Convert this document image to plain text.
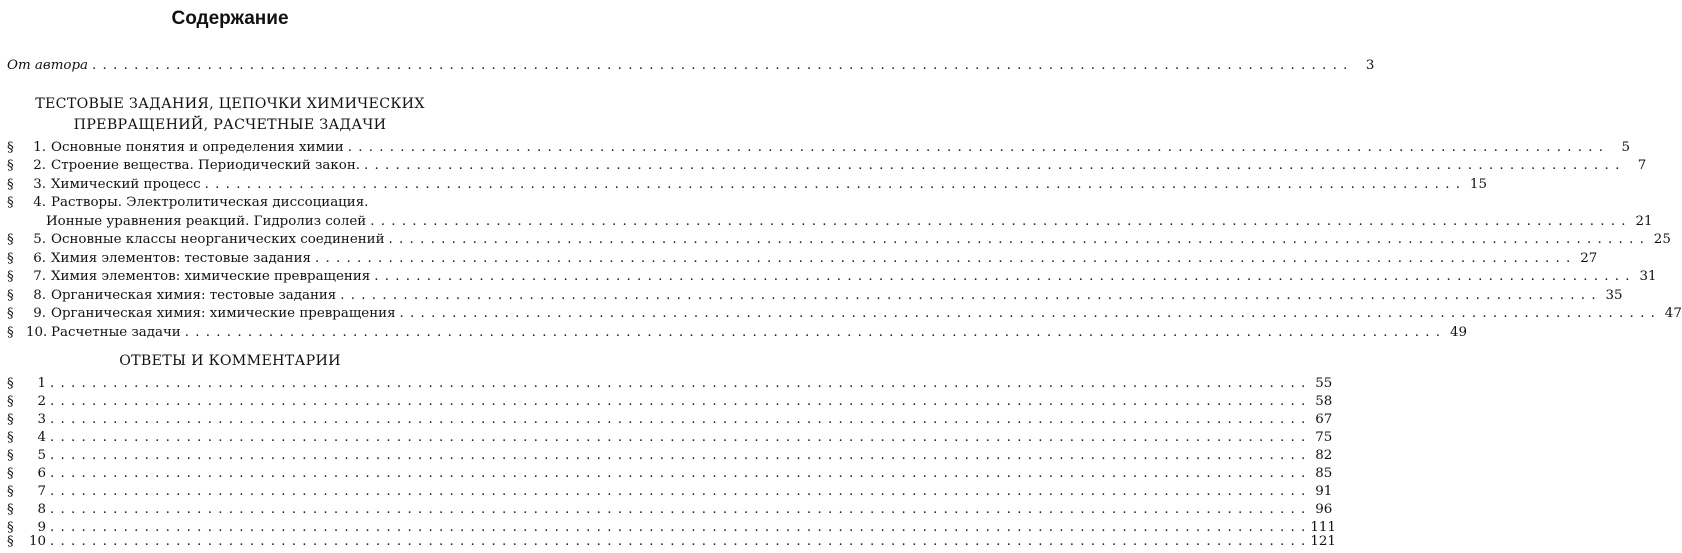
Содержание
От автора . . . . . . . . . . . . . . . . . . . . . . . . . . . . . . . . . . . . . . . . . . . . . . . . . . . . . . . . . . . . . . . . . . . . . . . . . . . . . . . . . . . . . . . . . . . . . . . . . . . . . . . . . . . . . . . . . . . . . . . .	3
ТЕСТОВЫЕ ЗАДАНИЯ, ЦЕПОЧКИ ХИМИЧЕСКИХ
ПРЕВРАЩЕНИЙ, РАСЧЕТНЫЕ ЗАДАЧИ
§	1. Основные понятия и определения химии . . . . . . . . . . . . . . . . . . . . . . . . . . . . . . . . . . . . . . . . . . . . . . . . . . . . . . . . . . . . . . . . . . . . . . . . . . . . . . . . . . . . . . . . . . . . . . . . . . . . . . . . . . . . . . . . . . . . . . . .	5
§	2. Строение вещества. Периодический закон. . . . . . . . . . . . . . . . . . . . . . . . . . . . . . . . . . . . . . . . . . . . . . . . . . . . . . . . . . . . . . . . . . . . . . . . . . . . . . . . . . . . . . . . . . . . . . . . . . . . . . . . . . . . . . . . . . . . . . . . .	7
§	3. Химический процесс . . . . . . . . . . . . . . . . . . . . . . . . . . . . . . . . . . . . . . . . . . . . . . . . . . . . . . . . . . . . . . . . . . . . . . . . . . . . . . . . . . . . . . . . . . . . . . . . . . . . . . . . . . . . . . . . . . . . . . . . 15
§	4. Растворы. Электролитическая диссоциация.
Ионные уравнения реакций. Гидролиз солей . . . . . . . . . . . . . . . . . . . . . . . . . . . . . . . . . . . . . . . . . . . . . . . . . . . . . . . . . . . . . . . . . . . . . . . . . . . . . . . . . . . . . . . . . . . . . . . . . . . . . . . . . . . . . . . . . . . . . . . . 21
§	5. Основные классы неорганических соединений . . . . . . . . . . . . . . . . . . . . . . . . . . . . . . . . . . . . . . . . . . . . . . . . . . . . . . . . . . . . . . . . . . . . . . . . . . . . . . . . . . . . . . . . . . . . . . . . . . . . . . . . . . . . . . . . . . . . . . . . 25
§	6. Химия элементов: тестовые задания . . . . . . . . . . . . . . . . . . . . . . . . . . . . . . . . . . . . . . . . . . . . . . . . . . . . . . . . . . . . . . . . . . . . . . . . . . . . . . . . . . . . . . . . . . . . . . . . . . . . . . . . . . . . . . . . . . . . . . . . 27
§	7. Химия элементов: химические превращения . . . . . . . . . . . . . . . . . . . . . . . . . . . . . . . . . . . . . . . . . . . . . . . . . . . . . . . . . . . . . . . . . . . . . . . . . . . . . . . . . . . . . . . . . . . . . . . . . . . . . . . . . . . . . . . . . . . . . . . . 31
§	8. Органическая химия: тестовые задания . . . . . . . . . . . . . . . . . . . . . . . . . . . . . . . . . . . . . . . . . . . . . . . . . . . . . . . . . . . . . . . . . . . . . . . . . . . . . . . . . . . . . . . . . . . . . . . . . . . . . . . . . . . . . . . . . . . . . . . . 35
§	9. Органическая химия: химические превращения . . . . . . . . . . . . . . . . . . . . . . . . . . . . . . . . . . . . . . . . . . . . . . . . . . . . . . . . . . . . . . . . . . . . . . . . . . . . . . . . . . . . . . . . . . . . . . . . . . . . . . . . . . . . . . . . . . . . . . . . 47
§ 10. Расчетные задачи . . . . . . . . . . . . . . . . . . . . . . . . . . . . . . . . . . . . . . . . . . . . . . . . . . . . . . . . . . . . . . . . . . . . . . . . . . . . . . . . . . . . . . . . . . . . . . . . . . . . . . . . . . . . . . . . . . . . . . . . 49
ОТВЕТЫ И КОММЕНТАРИИ
§	1 . . . . . . . . . . . . . . . . . . . . . . . . . . . . . . . . . . . . . . . . . . . . . . . . . . . . . . . . . . . . . . . . . . . . . . . . . . . . . . . . . . . . . . . . . . . . . . . . . . . . . . . . . . . . . . . . . . . . . . . . 55
§	2 . . . . . . . . . . . . . . . . . . . . . . . . . . . . . . . . . . . . . . . . . . . . . . . . . . . . . . . . . . . . . . . . . . . . . . . . . . . . . . . . . . . . . . . . . . . . . . . . . . . . . . . . . . . . . . . . . . . . . . . . 58
§	3 . . . . . . . . . . . . . . . . . . . . . . . . . . . . . . . . . . . . . . . . . . . . . . . . . . . . . . . . . . . . . . . . . . . . . . . . . . . . . . . . . . . . . . . . . . . . . . . . . . . . . . . . . . . . . . . . . . . . . . . . 67
§	4 . . . . . . . . . . . . . . . . . . . . . . . . . . . . . . . . . . . . . . . . . . . . . . . . . . . . . . . . . . . . . . . . . . . . . . . . . . . . . . . . . . . . . . . . . . . . . . . . . . . . . . . . . . . . . . . . . . . . . . . . 75
§	5 . . . . . . . . . . . . . . . . . . . . . . . . . . . . . . . . . . . . . . . . . . . . . . . . . . . . . . . . . . . . . . . . . . . . . . . . . . . . . . . . . . . . . . . . . . . . . . . . . . . . . . . . . . . . . . . . . . . . . . . . 82
§	6 . . . . . . . . . . . . . . . . . . . . . . . . . . . . . . . . . . . . . . . . . . . . . . . . . . . . . . . . . . . . . . . . . . . . . . . . . . . . . . . . . . . . . . . . . . . . . . . . . . . . . . . . . . . . . . . . . . . . . . . . 85
§	7 . . . . . . . . . . . . . . . . . . . . . . . . . . . . . . . . . . . . . . . . . . . . . . . . . . . . . . . . . . . . . . . . . . . . . . . . . . . . . . . . . . . . . . . . . . . . . . . . . . . . . . . . . . . . . . . . . . . . . . . . 91
§	8 . . . . . . . . . . . . . . . . . . . . . . . . . . . . . . . . . . . . . . . . . . . . . . . . . . . . . . . . . . . . . . . . . . . . . . . . . . . . . . . . . . . . . . . . . . . . . . . . . . . . . . . . . . . . . . . . . . . . . . . . 96
§	9 . . . . . . . . . . . . . . . . . . . . . . . . . . . . . . . . . . . . . . . . . . . . . . . . . . . . . . . . . . . . . . . . . . . . . . . . . . . . . . . . . . . . . . . . . . . . . . . . . . . . . . . . . . . . . . . . . . . . . . . . 111
§	10 . . . . . . . . . . . . . . . . . . . . . . . . . . . . . . . . . . . . . . . . . . . . . . . . . . . . . . . . . . . . . . . . . . . . . . . . . . . . . . . . . . . . . . . . . . . . . . . . . . . . . . . . . . . . . . . . . . . . . . . . 121
